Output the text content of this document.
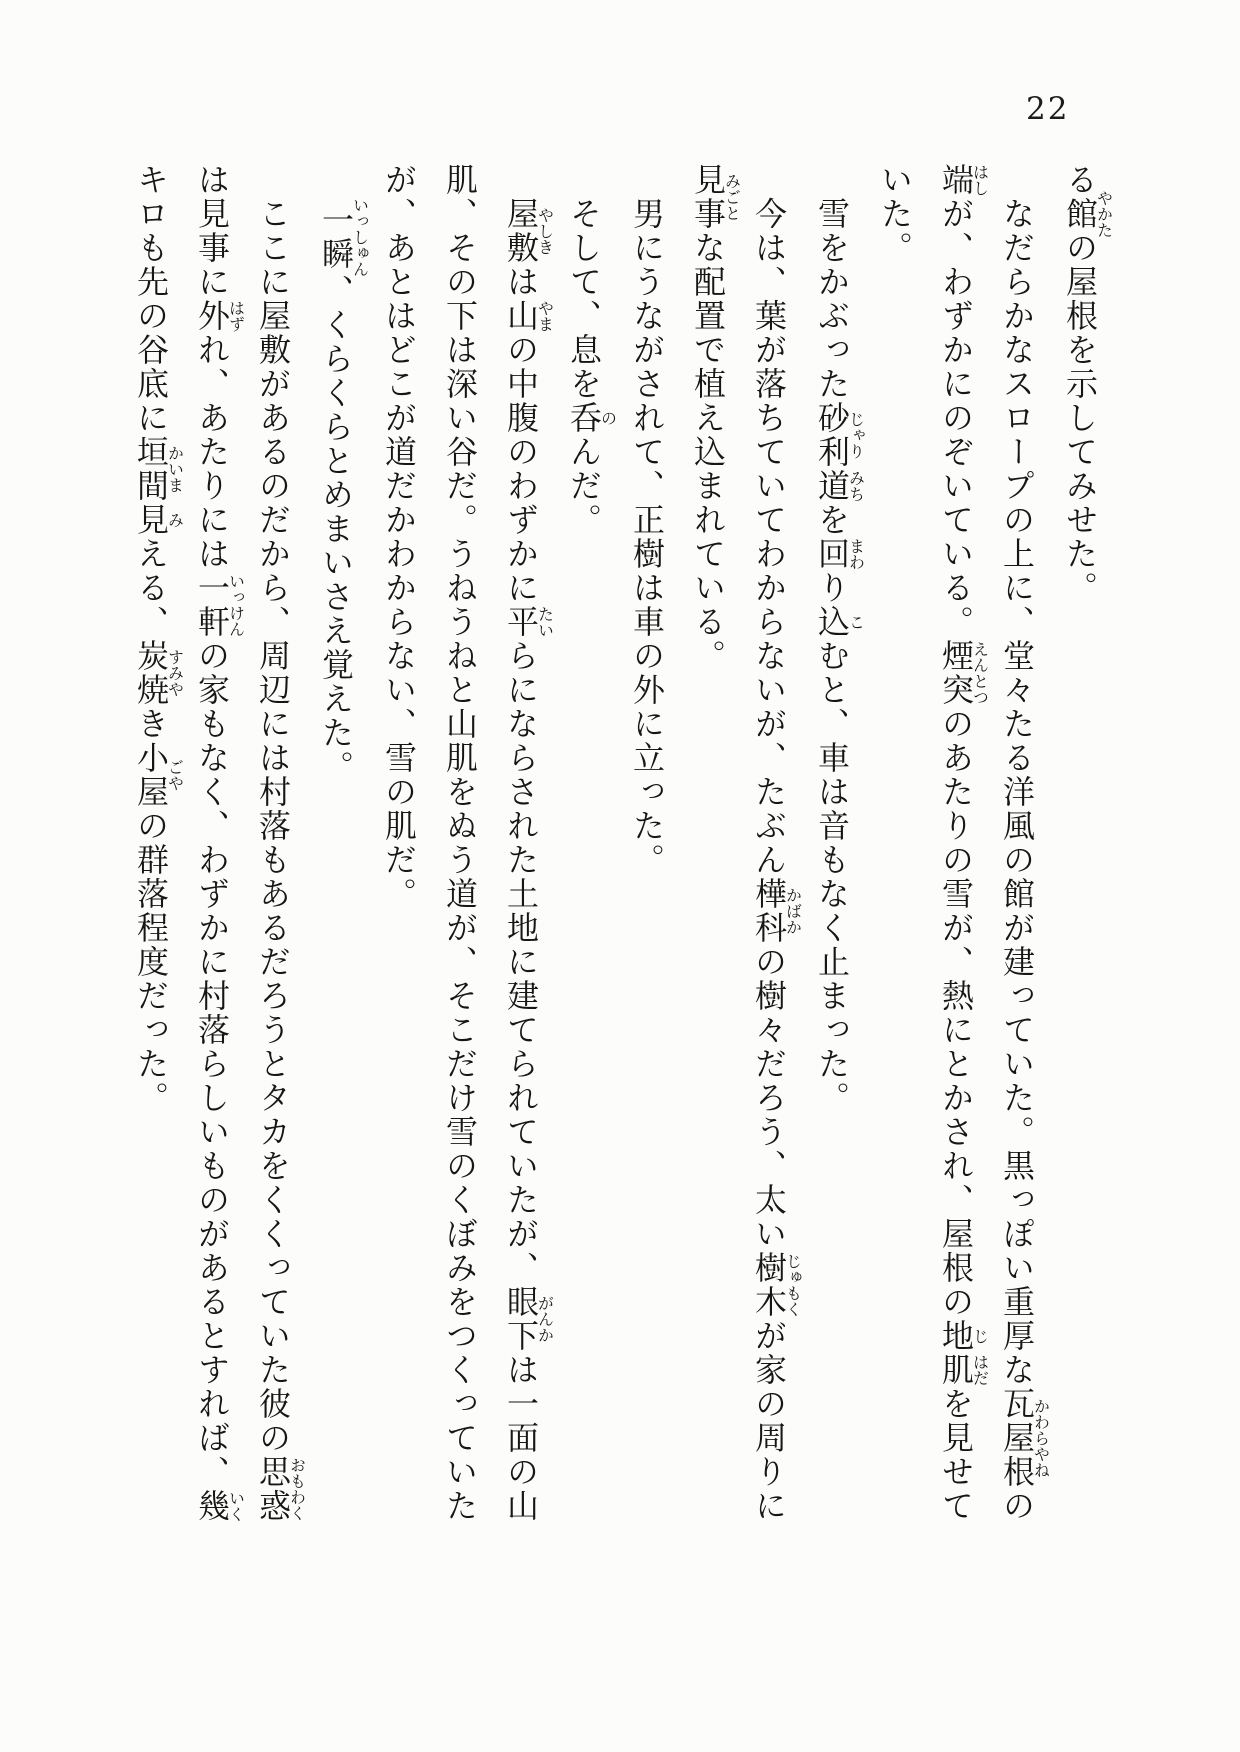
22

る館やかたの屋根を示してみせた。

なだらかなスロープの上に、堂々たる洋風の館が建っていた。黒っぽい重厚な瓦屋根かわらやねの端はしが、わずかにのぞいている。煙突えんとつのあたりの雪が、熱にとかされ、屋根の地じ肌はだを見せていた。

雪をかぶった砂利じゃり道みちを回まわり込こむと、車は音もなく止まった。

今は、葉が落ちていてわからないが、たぶん樺科かばかの樹々だろう、太い樹木じゅもくが家の周りに見事みごとな配置で植え込まれている。

男にうながされて、正樹は車の外に立った。

そして、息を呑のんだ。

屋敷やしきは山やまの中腹のわずかに平たいらにならされた土地に建てられていたが、眼下がんかは一面の山肌、その下は深い谷だ。うねうねと山肌をぬう道が、そこだけ雪のくぼみをつくっていたが、あとはどこが道だかわからない、雪の肌だ。

一瞬いっしゅん、くらくらとめまいさえ覚えた。

ここに屋敷があるのだから、周辺には村落もあるだろうとタカをくくっていた彼の思惑おもわくは見事に外はずれ、あたりには一軒いっけんの家もなく、わずかに村落らしいものがあるとすれば、幾いくキロも先の谷底に垣間かいま見みえる、炭焼すみやき小屋ごやの群落程度だった。
